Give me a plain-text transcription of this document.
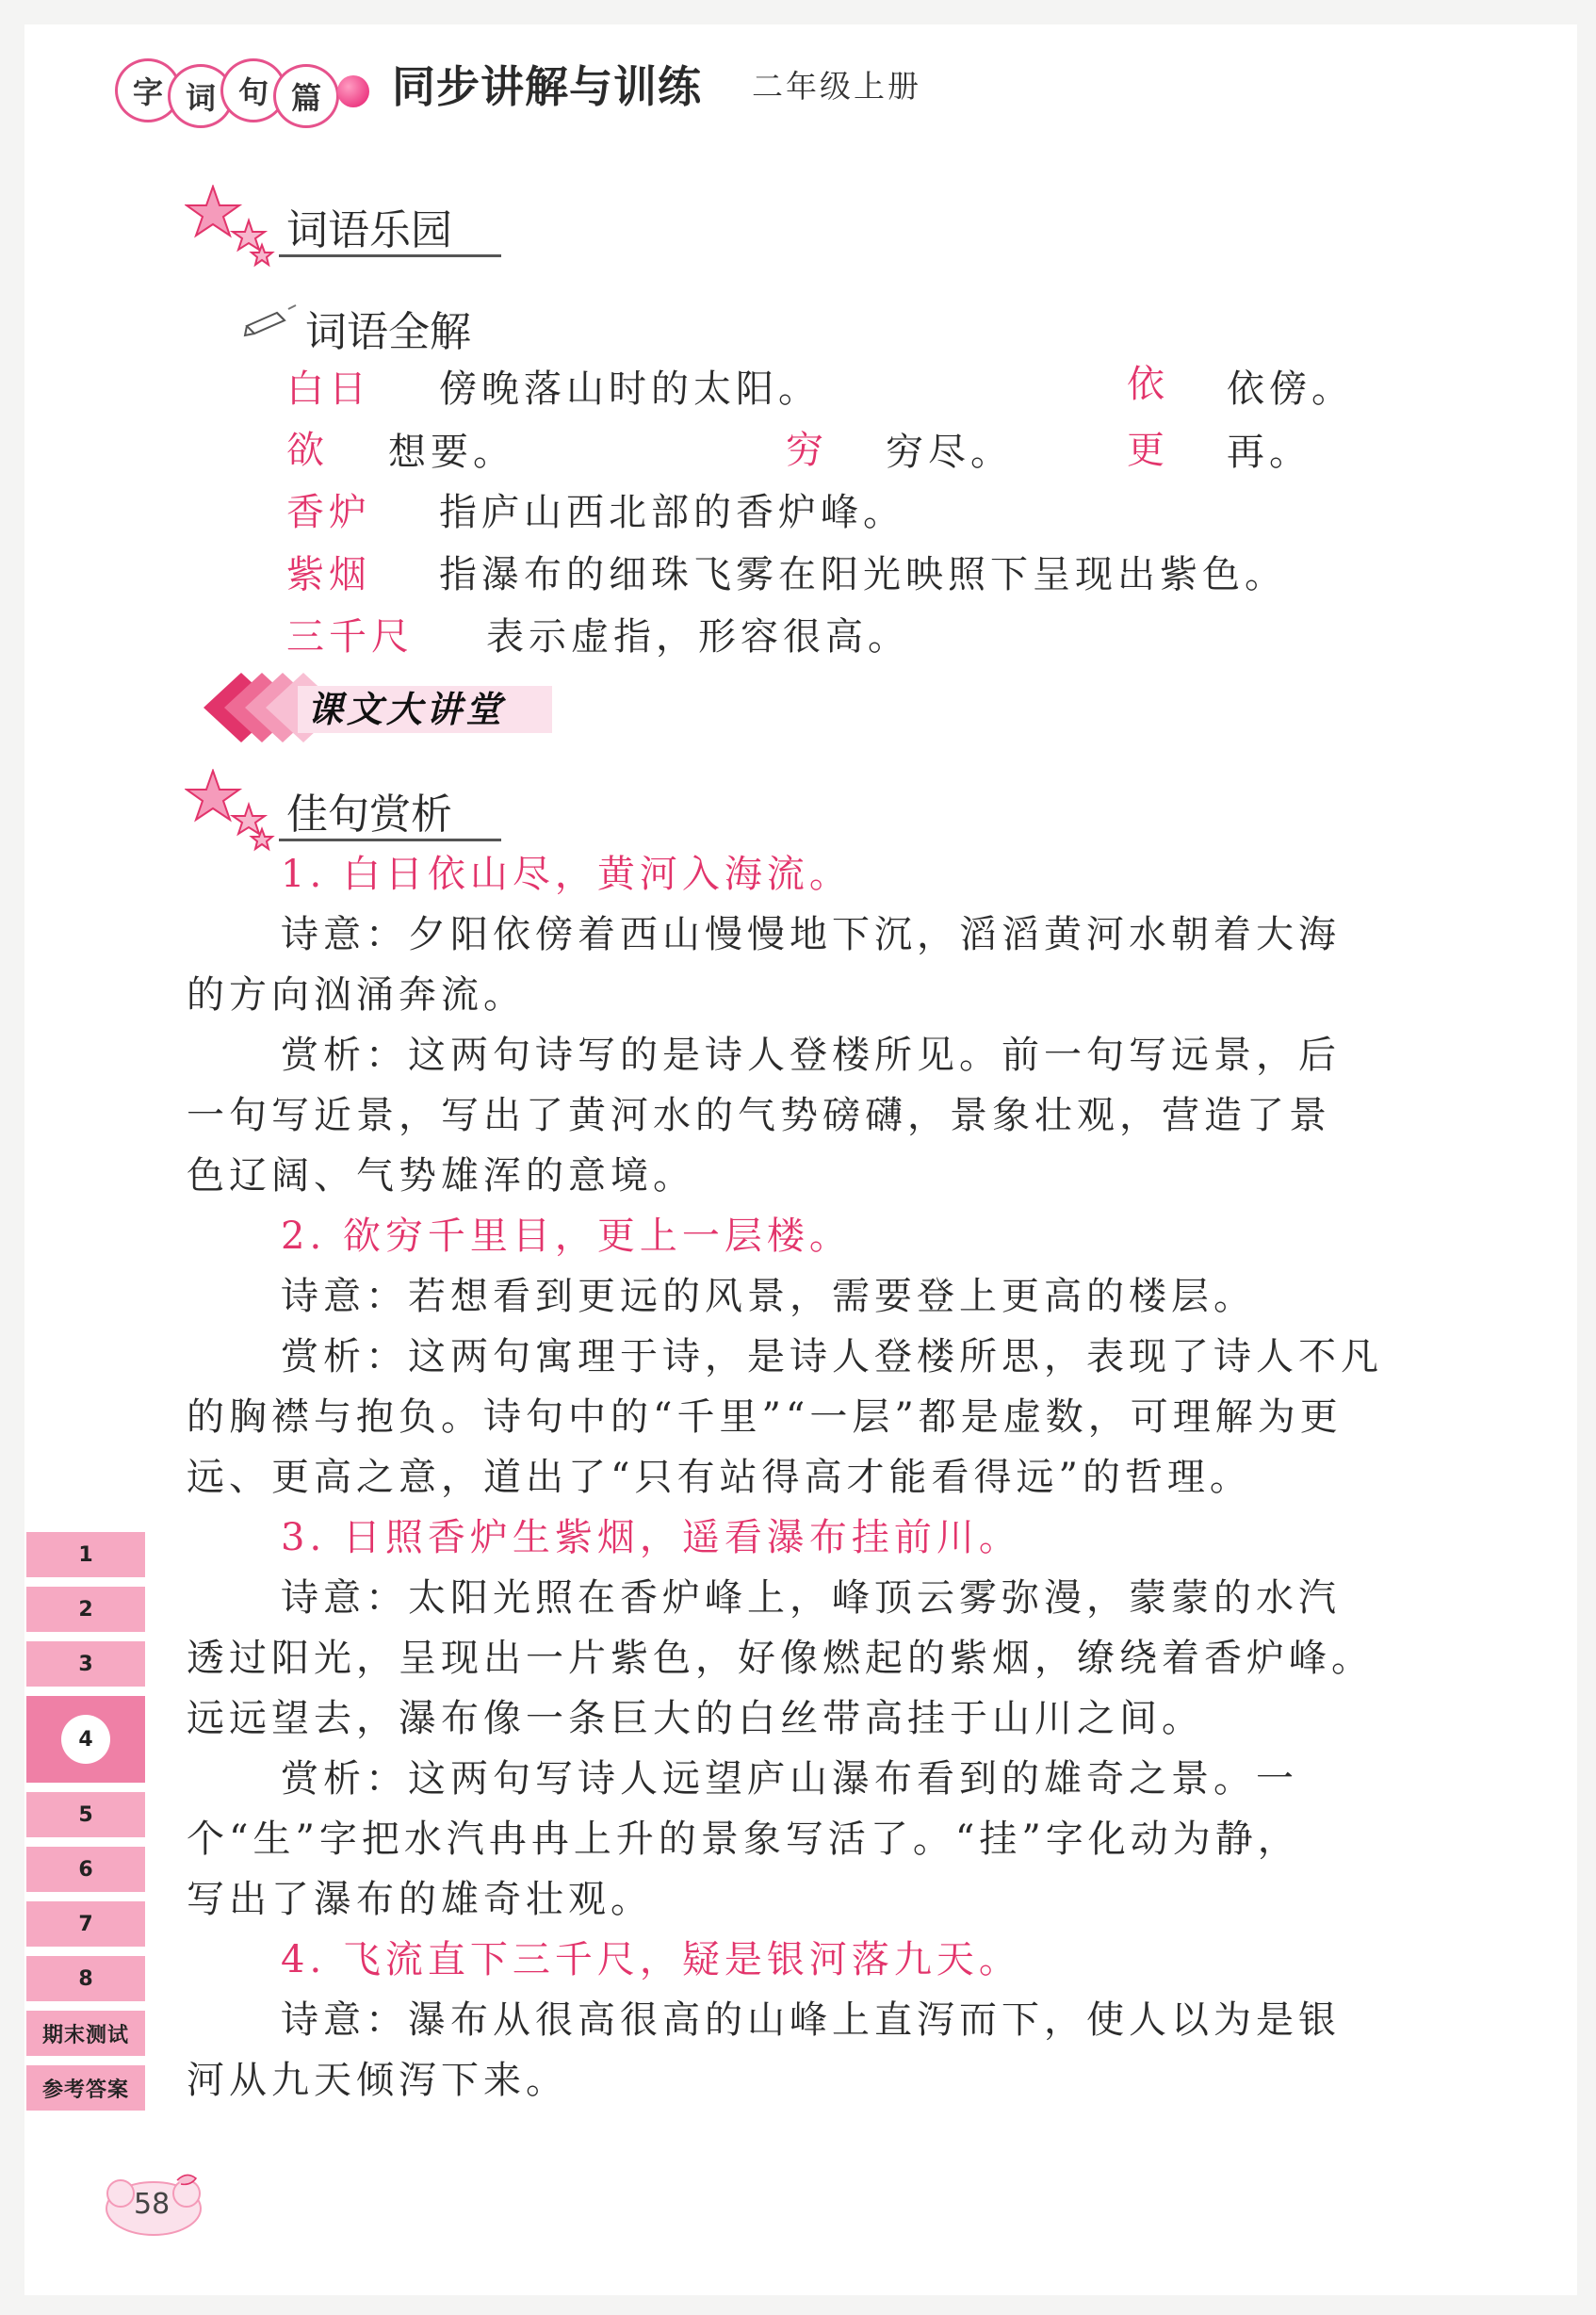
字 词 句 篇	同步讲解与训练 二年级上册
词语乐园
词语全解
白日 傍晚落山时的太阳。	依 依傍。
欲 想要。	穷 穷尽。	更 再。
香炉 指庐山西北部的香炉峰。
紫烟 指瀑布的细珠飞雾在阳光映照下呈现出紫色。
三千尺 表示虚指，形容很高。
课文大讲堂
佳句赏析
1. 白日依山尽，黄河入海流。
诗意：夕阳依傍着西山慢慢地下沉，滔滔黄河水朝着大海
的方向汹涌奔流。
赏析：这两句诗写的是诗人登楼所见。前一句写远景，后
一句写近景，写出了黄河水的气势磅礴，景象壮观，营造了景
色辽阔、气势雄浑的意境。
2. 欲穷千里目，更上一层楼。
诗意：若想看到更远的风景，需要登上更高的楼层。
赏析：这两句寓理于诗，是诗人登楼所思，表现了诗人不凡
的胸襟与抱负。诗句中的“千里”“一层”都是虚数，可理解为更
远、更高之意，道出了“只有站得高才能看得远”的哲理。
3. 日照香炉生紫烟，遥看瀑布挂前川。
诗意：太阳光照在香炉峰上，峰顶云雾弥漫，蒙蒙的水汽
透过阳光，呈现出一片紫色，好像燃起的紫烟，缭绕着香炉峰。
远远望去，瀑布像一条巨大的白丝带高挂于山川之间。
赏析：这两句写诗人远望庐山瀑布看到的雄奇之景。一
个“生”字把水汽冉冉上升的景象写活了。“挂”字化动为静，
写出了瀑布的雄奇壮观。
4. 飞流直下三千尺，疑是银河落九天。
诗意：瀑布从很高很高的山峰上直泻而下，使人以为是银
河从九天倾泻下来。
1
2
3
4
5
6
7
8
期末测试
参考答案
58
